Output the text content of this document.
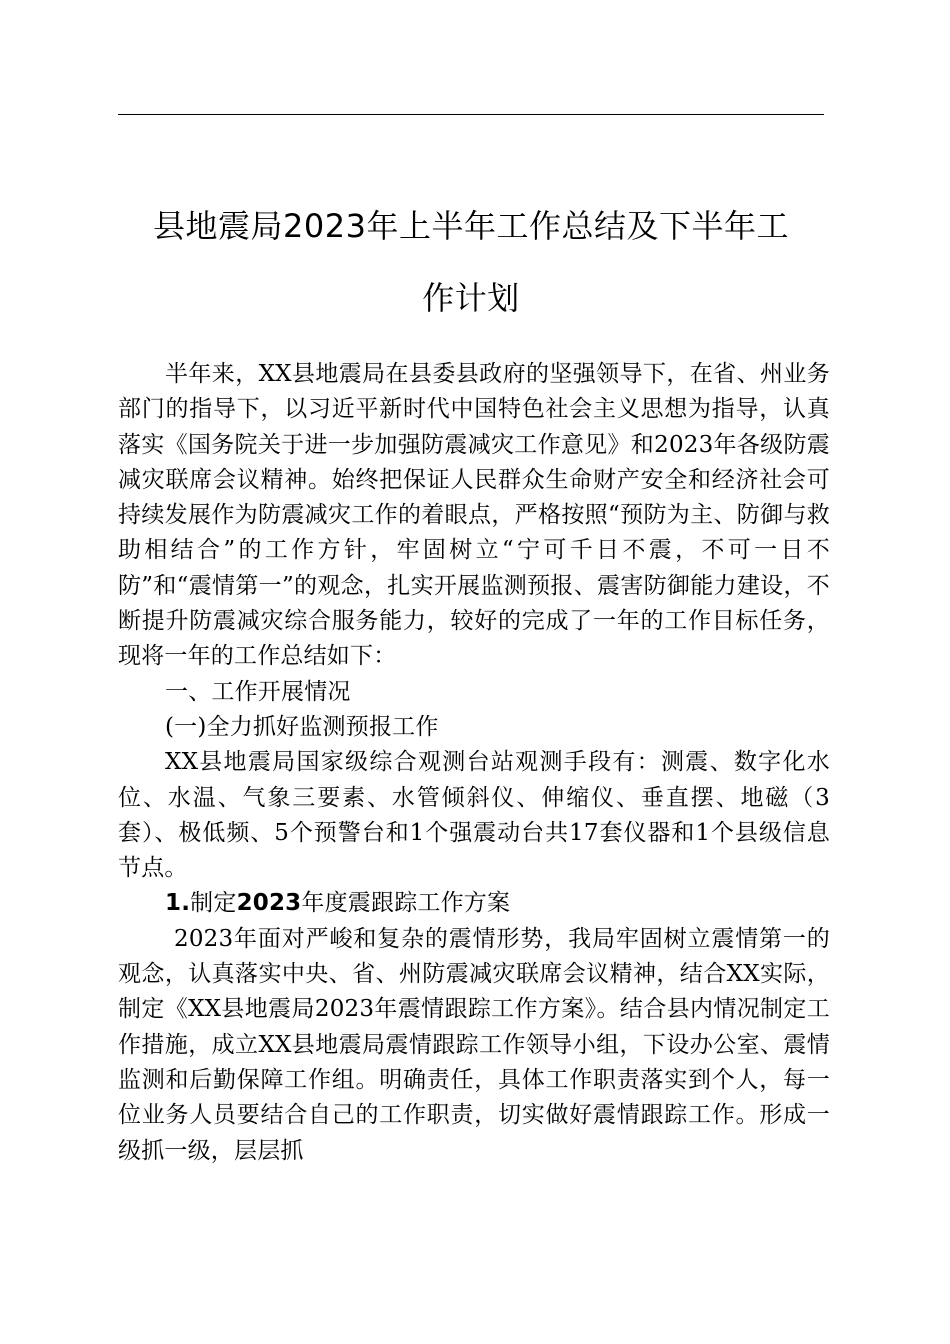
县地震局2023年上半年工作总结及下半年工
作计划

半年来，XX县地震局在县委县政府的坚强领导下，在省、州业务部门的指导下，以习近平新时代中国特色社会主义思想为指导，认真落实《国务院关于进一步加强防震减灾工作意见》和2023年各级防震减灾联席会议精神。始终把保证人民群众生命财产安全和经济社会可持续发展作为防震减灾工作的着眼点，严格按照“预防为主、防御与救助相结合”的工作方针，牢固树立“宁可千日不震，不可一日不防”和“震情第一”的观念，扎实开展监测预报、震害防御能力建设，不断提升防震减灾综合服务能力，较好的完成了一年的工作目标任务，现将一年的工作总结如下：

一、工作开展情况

(一)全力抓好监测预报工作

XX县地震局国家级综合观测台站观测手段有：测震、数字化水位、水温、气象三要素、水管倾斜仪、伸缩仪、垂直摆、地磁（3套）、极低频、5个预警台和1个强震动台共17套仪器和1个县级信息节点。

1.制定2023年度震跟踪工作方案

2023年面对严峻和复杂的震情形势，我局牢固树立震情第一的观念，认真落实中央、省、州防震减灾联席会议精神，结合XX实际，制定《XX县地震局2023年震情跟踪工作方案》。结合县内情况制定工作措施，成立XX县地震局震情跟踪工作领导小组，下设办公室、震情监测和后勤保障工作组。明确责任，具体工作职责落实到个人，每一位业务人员要结合自己的工作职责，切实做好震情跟踪工作。形成一级抓一级，层层抓
